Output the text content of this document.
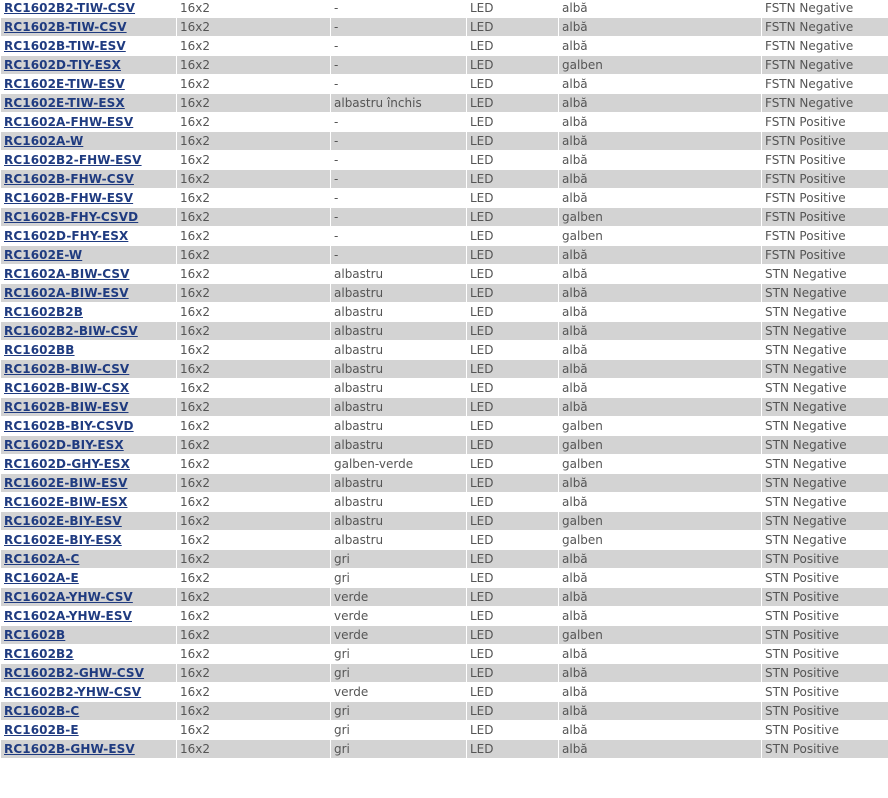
RC1602B2-TIW-CSV	16x2	-	LED	albă	FSTN Negative
RC1602B-TIW-CSV	16x2	-	LED	albă	FSTN Negative
RC1602B-TIW-ESV	16x2	-	LED	albă	FSTN Negative
RC1602D-TIY-ESX	16x2	-	LED	galben	FSTN Negative
RC1602E-TIW-ESV	16x2	-	LED	albă	FSTN Negative
RC1602E-TIW-ESX	16x2	albastru închis	LED	albă	FSTN Negative
RC1602A-FHW-ESV	16x2	-	LED	albă	FSTN Positive
RC1602A-W	16x2	-	LED	albă	FSTN Positive
RC1602B2-FHW-ESV	16x2	-	LED	albă	FSTN Positive
RC1602B-FHW-CSV	16x2	-	LED	albă	FSTN Positive
RC1602B-FHW-ESV	16x2	-	LED	albă	FSTN Positive
RC1602B-FHY-CSVD	16x2	-	LED	galben	FSTN Positive
RC1602D-FHY-ESX	16x2	-	LED	galben	FSTN Positive
RC1602E-W	16x2	-	LED	albă	FSTN Positive
RC1602A-BIW-CSV	16x2	albastru	LED	albă	STN Negative
RC1602A-BIW-ESV	16x2	albastru	LED	albă	STN Negative
RC1602B2B	16x2	albastru	LED	albă	STN Negative
RC1602B2-BIW-CSV	16x2	albastru	LED	albă	STN Negative
RC1602BB	16x2	albastru	LED	albă	STN Negative
RC1602B-BIW-CSV	16x2	albastru	LED	albă	STN Negative
RC1602B-BIW-CSX	16x2	albastru	LED	albă	STN Negative
RC1602B-BIW-ESV	16x2	albastru	LED	albă	STN Negative
RC1602B-BIY-CSVD	16x2	albastru	LED	galben	STN Negative
RC1602D-BIY-ESX	16x2	albastru	LED	galben	STN Negative
RC1602D-GHY-ESX	16x2	galben-verde	LED	galben	STN Negative
RC1602E-BIW-ESV	16x2	albastru	LED	albă	STN Negative
RC1602E-BIW-ESX	16x2	albastru	LED	albă	STN Negative
RC1602E-BIY-ESV	16x2	albastru	LED	galben	STN Negative
RC1602E-BIY-ESX	16x2	albastru	LED	galben	STN Negative
RC1602A-C	16x2	gri	LED	albă	STN Positive
RC1602A-E	16x2	gri	LED	albă	STN Positive
RC1602A-YHW-CSV	16x2	verde	LED	albă	STN Positive
RC1602A-YHW-ESV	16x2	verde	LED	albă	STN Positive
RC1602B	16x2	verde	LED	galben	STN Positive
RC1602B2	16x2	gri	LED	albă	STN Positive
RC1602B2-GHW-CSV	16x2	gri	LED	albă	STN Positive
RC1602B2-YHW-CSV	16x2	verde	LED	albă	STN Positive
RC1602B-C	16x2	gri	LED	albă	STN Positive
RC1602B-E	16x2	gri	LED	albă	STN Positive
RC1602B-GHW-ESV	16x2	gri	LED	albă	STN Positive
